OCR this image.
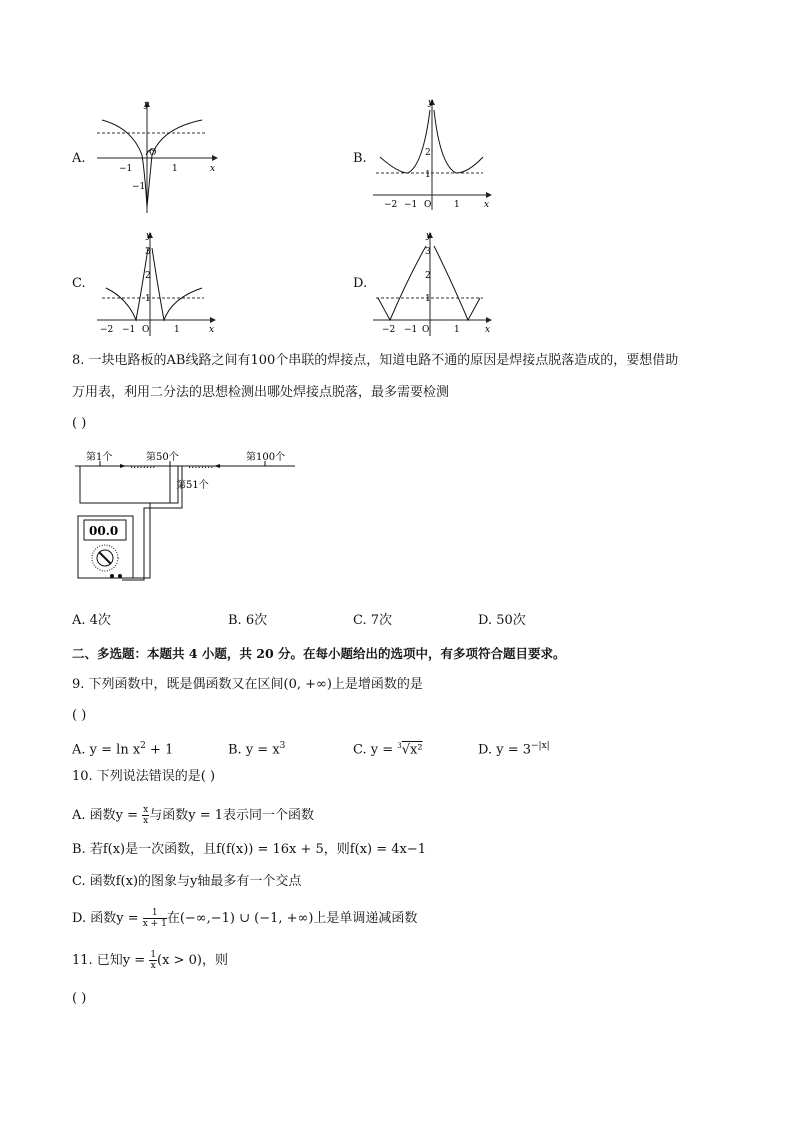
A.
−1	1
−1
O
y
x
B.
−2 −1 O	1
1
2
y
x
C.
−2 −1 O	1
3
2
1
y
x
D.
−2 −1 O	1
3
2
1
y
x
8. 一块电路板的AB线路之间有100个串联的焊接点，知道电路不通的原因是焊接点脱落造成的，要想借助
万用表，利用二分法的思想检测出哪处焊接点脱落，最多需要检测
( )
第1个	第50个
第51个
第100个
........	........
00.0
A. 4次	B. 6次	C. 7次	D. 50次
二、多选题：本题共 4 小题，共 20 分。在每小题给出的选项中，有多项符合题目要求。
9. 下列函数中，既是偶函数又在区间(0, +∞)上是增函数的是
( )
A. $y = \ln x^2 + 1$	B. $y = x^3$	C. y = $^3$√x²	D. $y = 3^{-|x|}$
10. 下列说法错误的是( )
A. 函数$y = \frac{x}{x}$ 与函数y = 1表示同一个函数
B. 若f(x)是一次函数，且f(f(x)) = 16x + 5，则f(x) = 4x−1
C. 函数f(x)的图象与y轴最多有一个交点
D. 函数$y = \frac{1}{x + 1}$ 在(−∞,−1) ∪ (−1, +∞)上是单调递减函数
11. 已知$y = \frac{1}{x} (x > 0)$，则
( )
